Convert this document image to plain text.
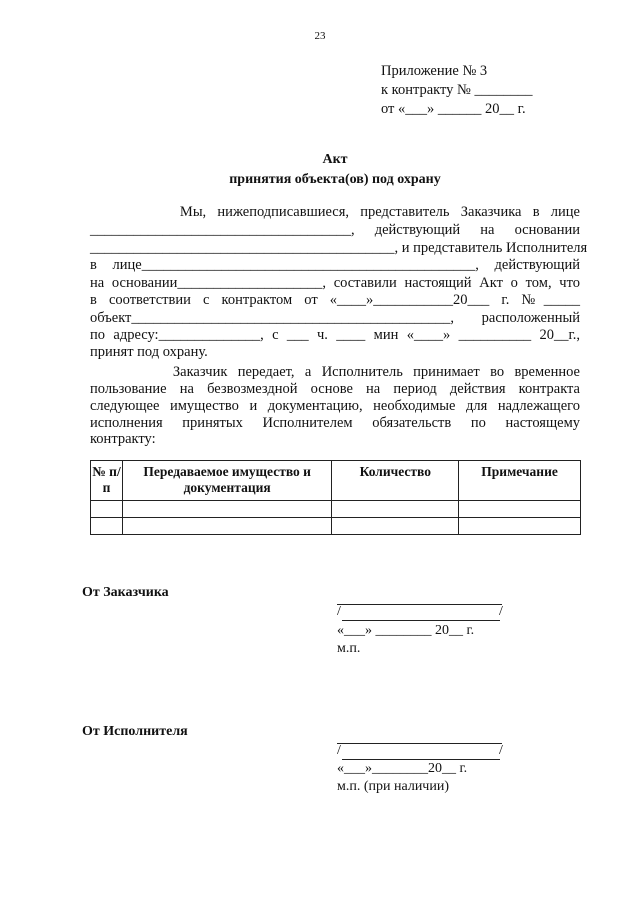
23
Приложение № 3
к контракту № ________
от «___» ______ 20__ г.
Акт
принятия объекта(ов) под охрану
Мы, нижеподписавшиеся, представитель Заказчика в лице
____________________________________, действующий на основании
__________________________________________, и представитель Исполнителя
в лице______________________________________________, действующий
на основании____________________, составили настоящий Акт о том, что
в соответствии с контрактом от «____»___________20___ г. №_____
объект____________________________________________, расположенный
по адресу:______________, с ___ ч. ____ мин «____» __________ 20__г.,
принят под охрану.
Заказчик передает, а Исполнитель принимает во временное
пользование на безвозмездной основе на период действия контракта
следующее имущество и документацию, необходимые для надлежащего
исполнения принятых Исполнителем обязательств по настоящему
контракту:
№ п/п	Передаваемое имущество и документация	Количество	Примечание

От Заказчика
/	/
«___» ________ 20__ г.
м.п.
От Исполнителя
/	/
«___»________20__ г.
м.п. (при наличии)
